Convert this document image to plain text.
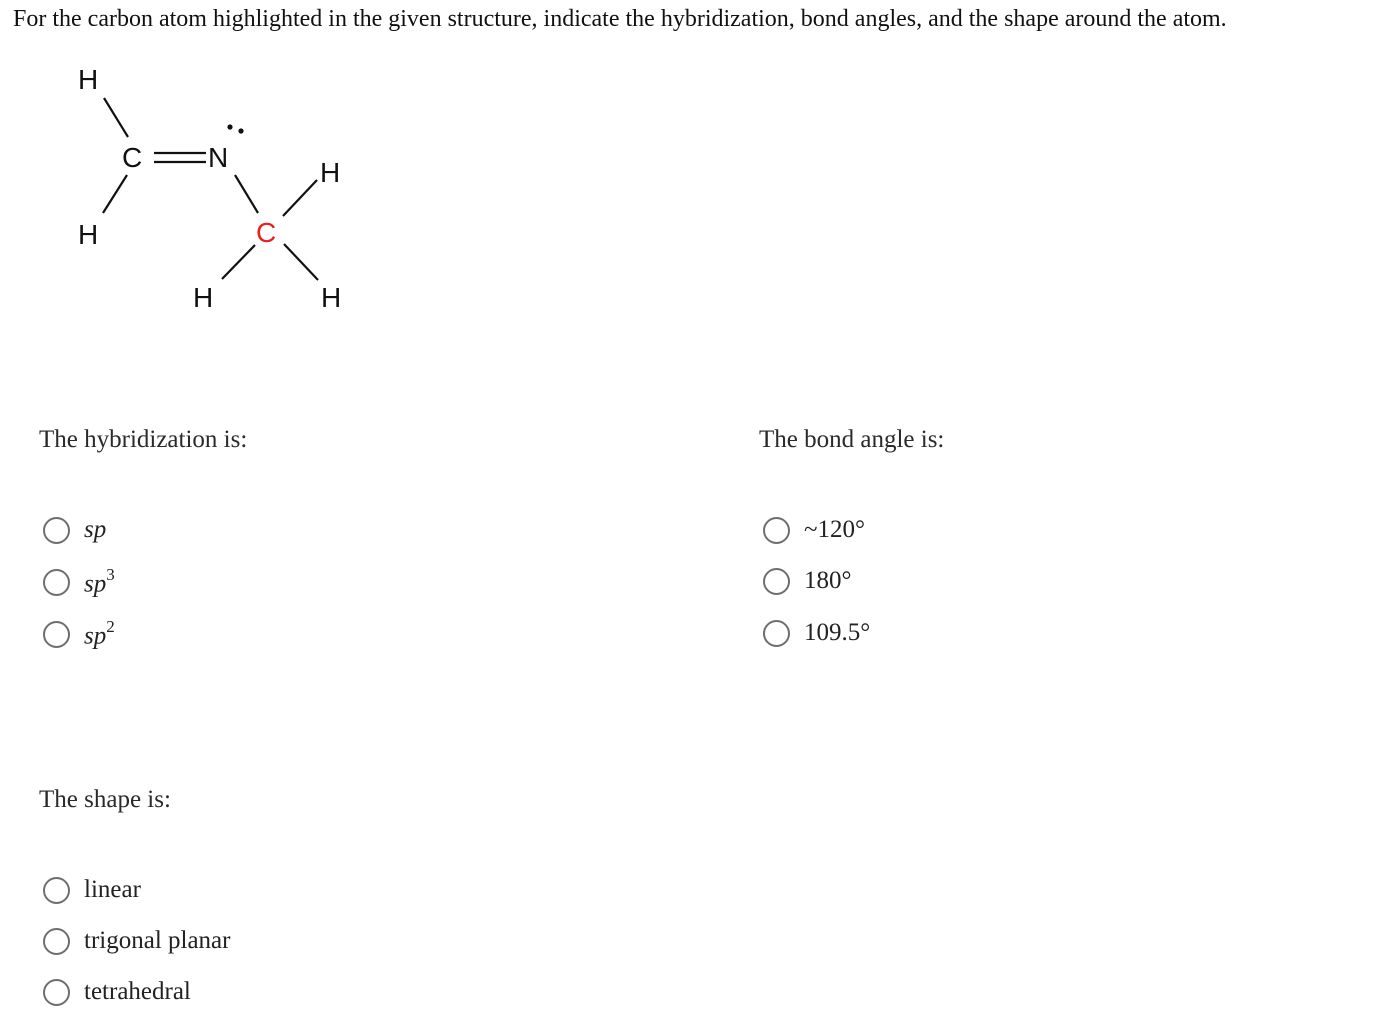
For the carbon atom highlighted in the given structure, indicate the hybridization, bond angles, and the shape around the atom.
H
C N
H
H
C
H	H
The hybridization is:
sp
$sp^3$
$sp^2$
The bond angle is:
~120°
180°
109.5°
The shape is:
linear
trigonal planar
tetrahedral
